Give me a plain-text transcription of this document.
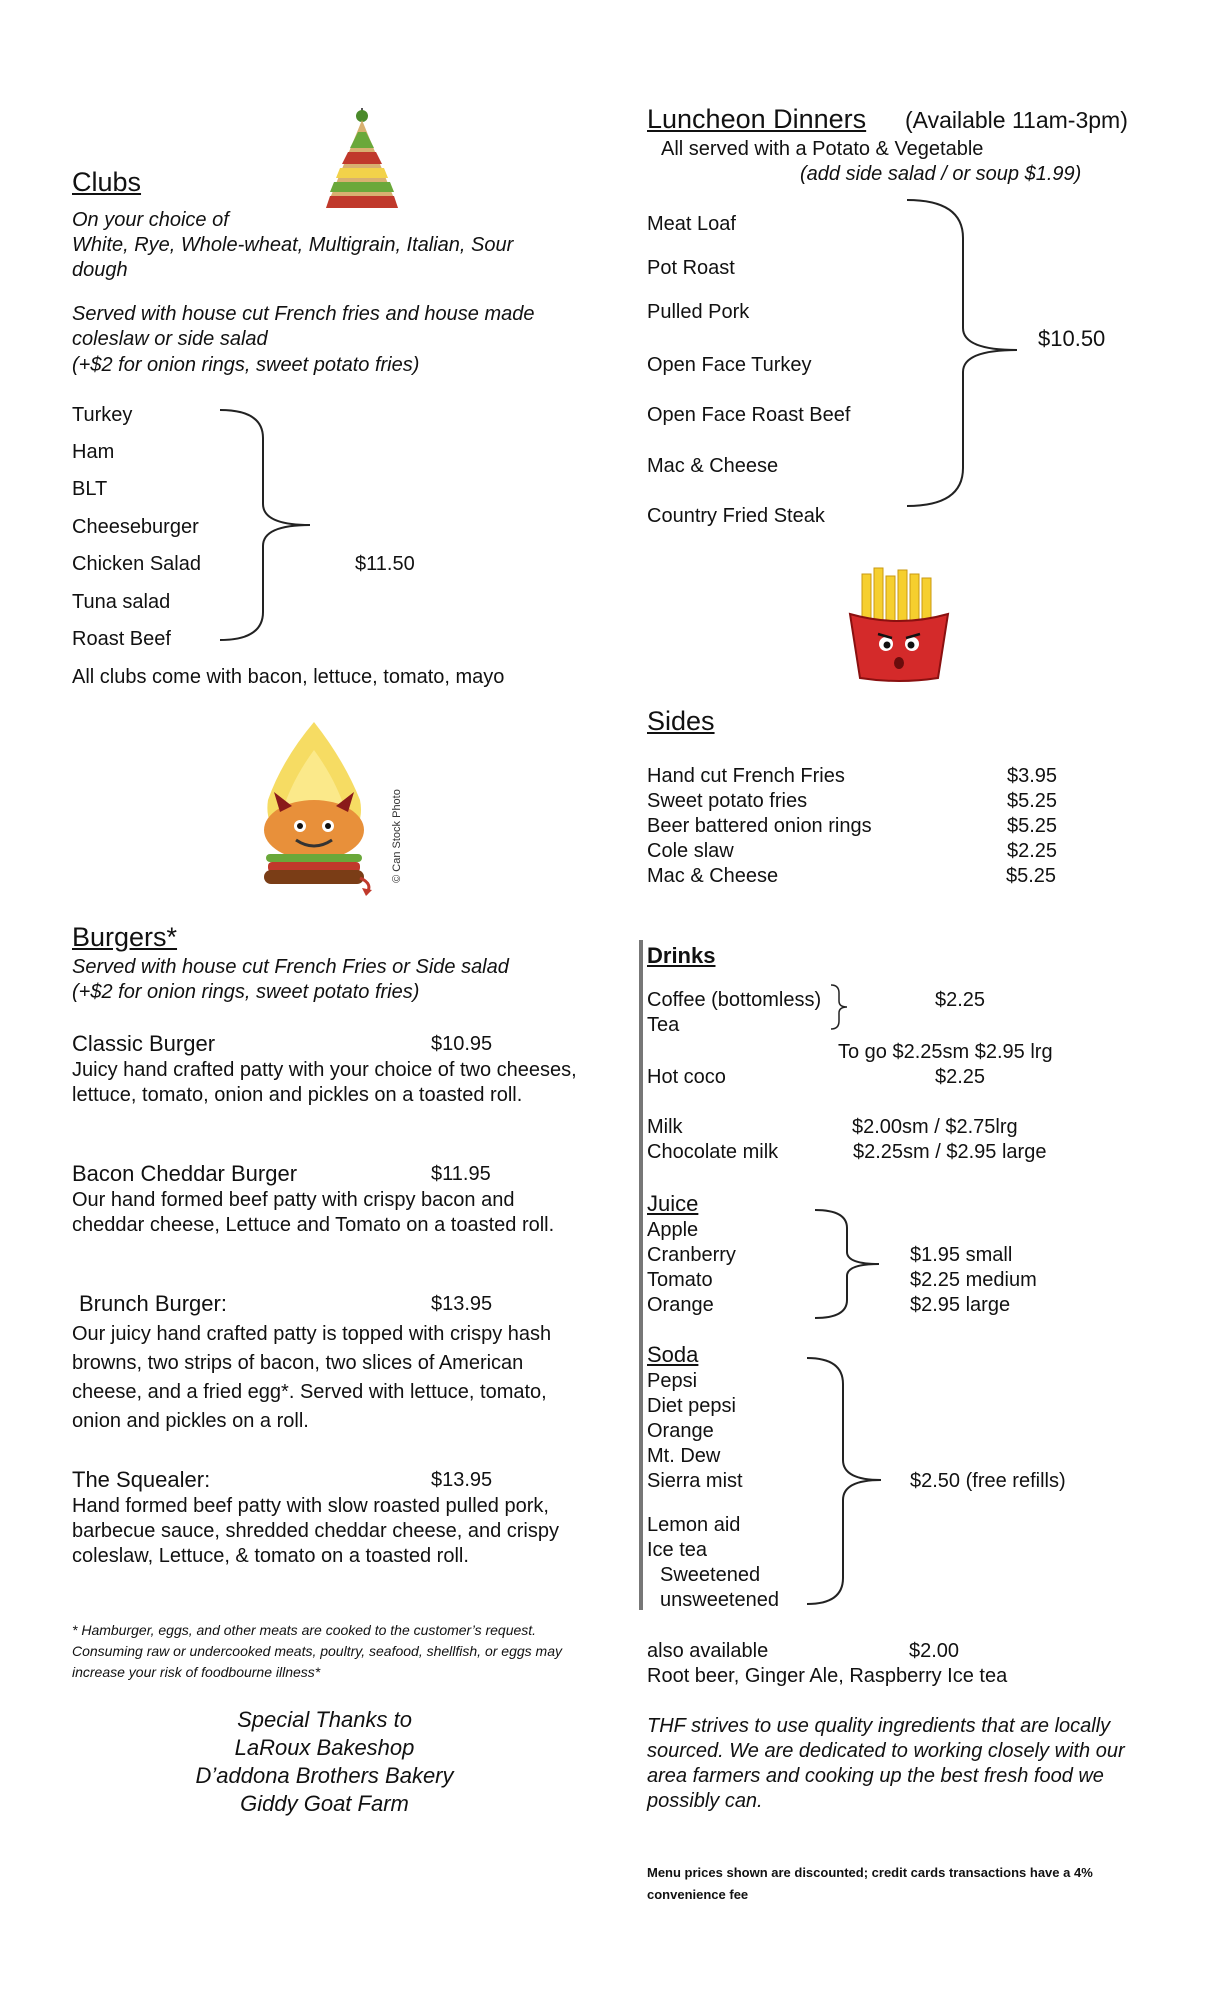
Clubs
On your choice of
White, Rye, Whole-wheat, Multigrain, Italian, Sour dough
Served with house cut French fries and house made coleslaw or side salad
(+$2 for onion rings, sweet potato fries)
Turkey
Ham
BLT
Cheeseburger
Chicken Salad
Tuna salad
Roast Beef
$11.50
All clubs come with bacon, lettuce, tomato, mayo
© Can Stock Photo
Burgers*
Served with house cut French Fries or Side salad
(+$2 for onion rings, sweet potato fries)
Classic Burger	$10.95
Juicy hand crafted patty with your choice of two cheeses, lettuce, tomato, onion and pickles on a toasted roll.
Bacon Cheddar Burger	$11.95
Our hand formed beef patty with crispy bacon and cheddar cheese, Lettuce and Tomato on a toasted roll.
Brunch Burger:	$13.95
Our juicy hand crafted patty is topped with crispy hash browns, two strips of bacon, two slices of American cheese, and a fried egg*. Served with lettuce, tomato, onion and pickles on a roll.
The Squealer:	$13.95
Hand formed beef patty with slow roasted pulled pork, barbecue sauce, shredded cheddar cheese, and crispy coleslaw, Lettuce, & tomato on a toasted roll.
* Hamburger, eggs, and other meats are cooked to the customer’s request. Consuming raw or undercooked meats, poultry, seafood, shellfish, or eggs may increase your risk of foodbourne illness*
Special Thanks to
LaRoux Bakeshop
D’addona Brothers Bakery
Giddy Goat Farm
Luncheon Dinners (Available 11am-3pm)
All served with a Potato & Vegetable
(add side salad / or soup $1.99)
Meat Loaf
Pot Roast
Pulled Pork
Open Face Turkey
Open Face Roast Beef
Mac & Cheese
Country Fried Steak
$10.50
Sides
Hand cut French Fries	$3.95
Sweet potato fries	$5.25
Beer battered onion rings	$5.25
Cole slaw	$2.25
Mac & Cheese	$5.25
Drinks
Coffee (bottomless)
Tea
$2.25
To go $2.25sm $2.95 lrg
Hot coco	$2.25
Milk	$2.00sm / $2.75lrg
Chocolate milk	$2.25sm / $2.95 large
Juice
Apple
Cranberry
Tomato
Orange
$1.95 small
$2.25 medium
$2.95 large
Soda
Pepsi
Diet pepsi
Orange
Mt. Dew
Sierra mist
Lemon aid
Ice tea
Sweetened
unsweetened
$2.50 (free refills)
also available	$2.00
Root beer, Ginger Ale, Raspberry Ice tea
THF strives to use quality ingredients that are locally sourced. We are dedicated to working closely with our area farmers and cooking up the best fresh food we possibly can.
Menu prices shown are discounted; credit cards transactions have a 4% convenience fee
